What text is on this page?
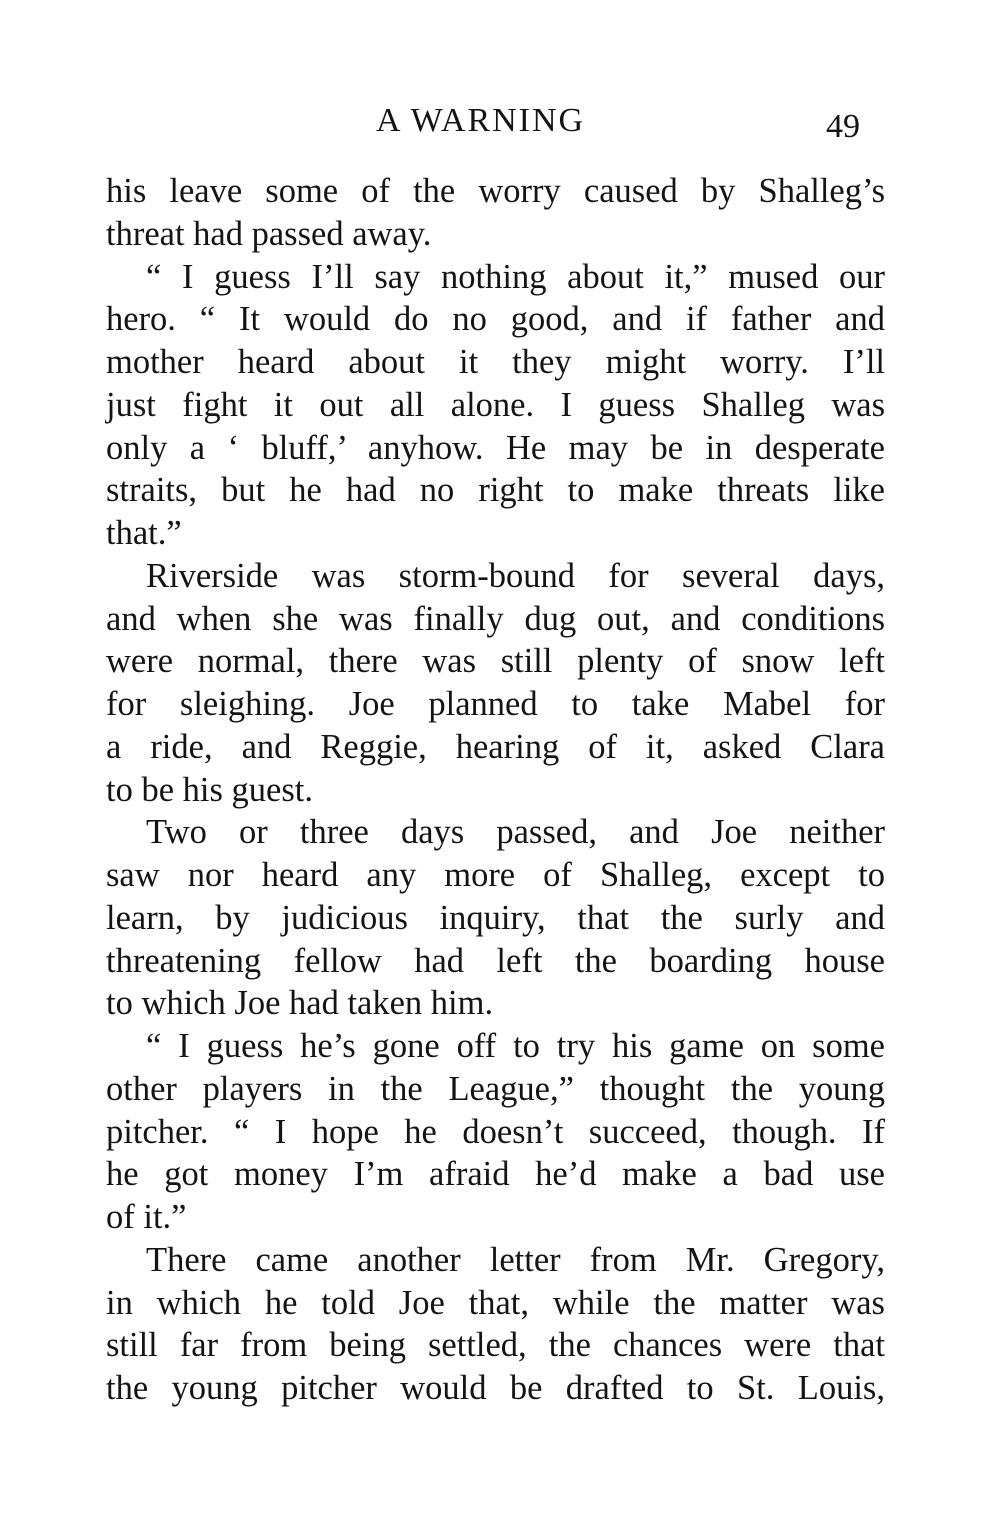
A WARNING	49
his leave some of the worry caused by Shalleg’s
threat had passed away.
“ I guess I’ll say nothing about it,” mused our
hero. “ It would do no good, and if father and
mother heard about it they might worry. I’ll
just fight it out all alone. I guess Shalleg was
only a ‘ bluff,’ anyhow. He may be in desperate
straits, but he had no right to make threats like
that.”
Riverside was storm-bound for several days,
and when she was finally dug out, and conditions
were normal, there was still plenty of snow left
for sleighing. Joe planned to take Mabel for
a ride, and Reggie, hearing of it, asked Clara
to be his guest.
Two or three days passed, and Joe neither
saw nor heard any more of Shalleg, except to
learn, by judicious inquiry, that the surly and
threatening fellow had left the boarding house
to which Joe had taken him.
“ I guess he’s gone off to try his game on some
other players in the League,” thought the young
pitcher. “ I hope he doesn’t succeed, though. If
he got money I’m afraid he’d make a bad use
of it.”
There came another letter from Mr. Gregory,
in which he told Joe that, while the matter was
still far from being settled, the chances were that
the young pitcher would be drafted to St. Louis,
